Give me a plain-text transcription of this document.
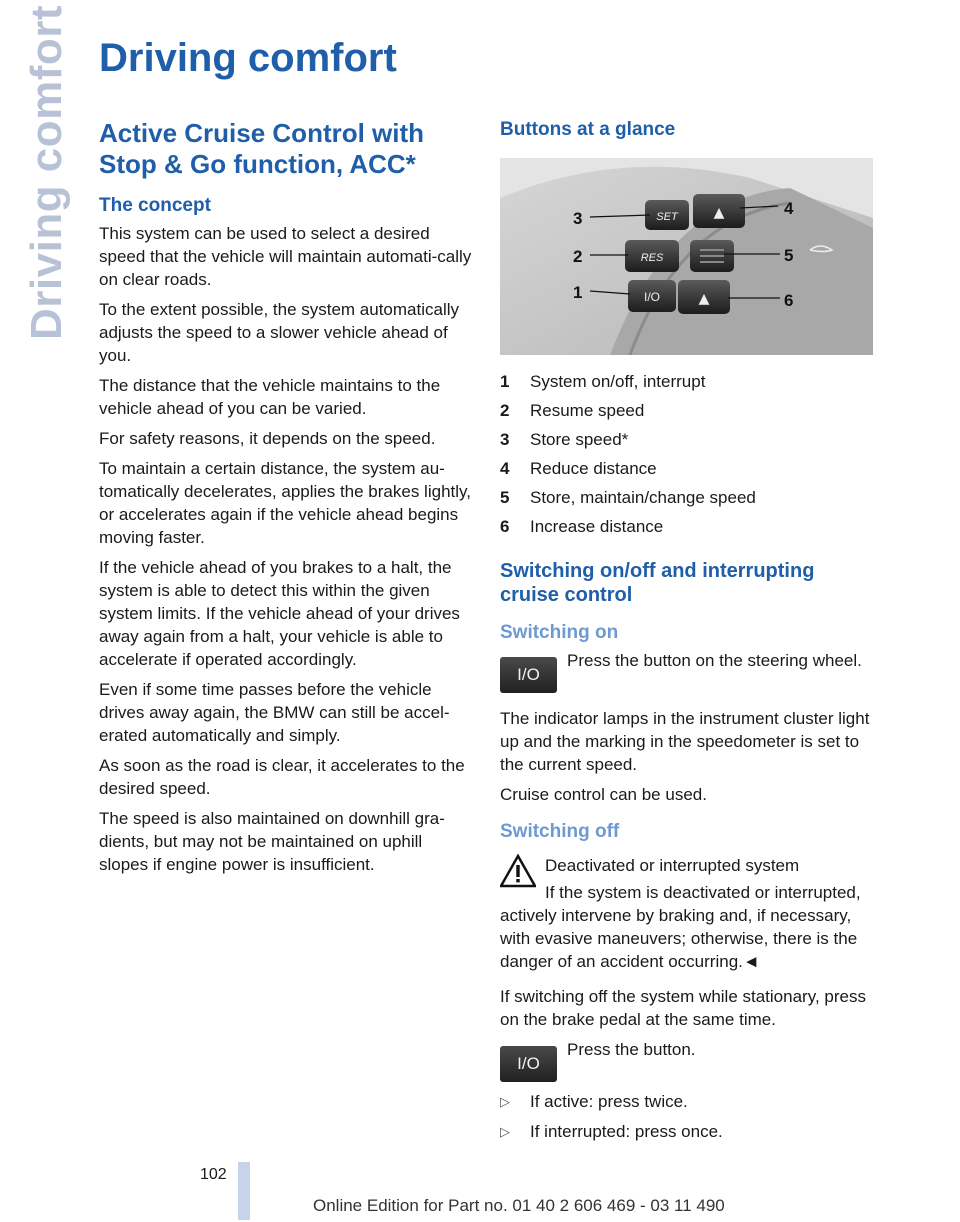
Driving comfort Driving comfort
Active Cruise Control with Stop & Go function, ACC*
The concept

This system can be used to select a desired speed that the vehicle will maintain automati-cally on clear roads.

To the extent possible, the system automatically adjusts the speed to a slower vehicle ahead of you.

The distance that the vehicle maintains to the vehicle ahead of you can be varied.

For safety reasons, it depends on the speed.

To maintain a certain distance, the system au-tomatically decelerates, applies the brakes lightly, or accelerates again if the vehicle ahead begins moving faster.

If the vehicle ahead of you brakes to a halt, the system is able to detect this within the given system limits. If the vehicle ahead of your drives away again from a halt, your vehicle is able to accelerate if operated accordingly.

Even if some time passes before the vehicle drives away again, the BMW can still be accel-erated automatically and simply.

As soon as the road is clear, it accelerates to the desired speed.

The speed is also maintained on downhill gra-dients, but may not be maintained on uphill slopes if engine power is insufficient.

Buttons at a glance
SET	▲
RES
I/O	▲
3
2
1
4
5
6
1	System on/off, interrupt
2	Resume speed
3	Store speed*
4	Reduce distance
5	Store, maintain/change speed
6	Increase distance
Switching on/off and interrupting cruise control
Switching on
I/O

Press the button on the steering wheel.

The indicator lamps in the instrument cluster light up and the marking in the speedometer is set to the current speed.

Cruise control can be used.

Switching off

Deactivated or interrupted system

If the system is deactivated or interrupted,

actively intervene by braking and, if necessary, with evasive maneuvers; otherwise, there is the danger of an accident occurring.◄

If switching off the system while stationary, press on the brake pedal at the same time.

I/O

Press the button.

▷	If active: press twice.
▷	If interrupted: press once.
102
Online Edition for Part no. 01 40 2 606 469 - 03 11 490
